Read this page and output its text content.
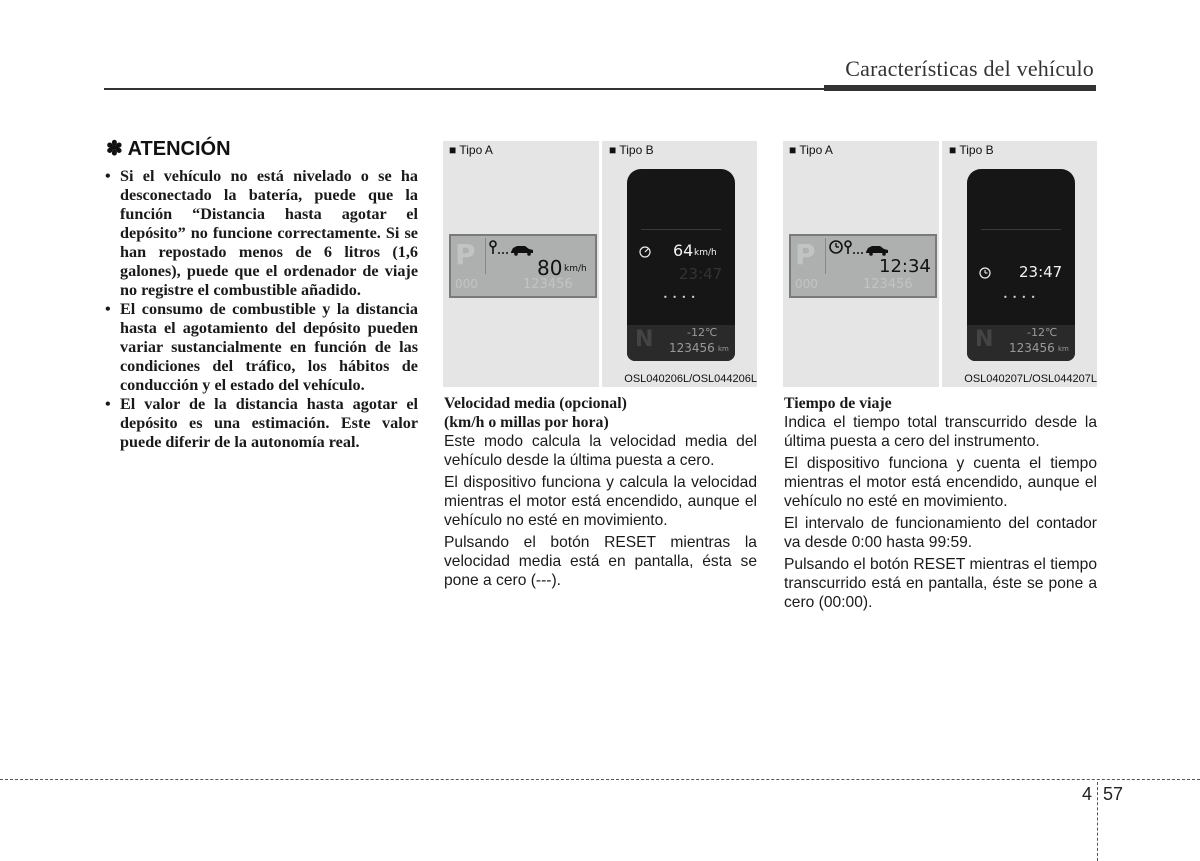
Características del vehículo
✽ ATENCIÓN
• Si el vehículo no está nivelado o se ha desconectado la batería, puede que la función “Distancia hasta agotar el depósito” no funcione correctamente. Si se han repostado menos de 6 litros (1,6 galones), puede que el ordenador de viaje no registre el combustible añadido.
• El consumo de combustible y la distancia hasta el agotamiento del depósito pueden variar sustancialmente en función de las condiciones del tráfico, los hábitos de conducción y el estado del vehículo.
• El valor de la distancia hasta agotar el depósito es una estimación. Este valor puede diferir de la autonomía real.
■ Tipo A	■ Tipo B
P
000	123456
80 km/h
64 km/h
23:47
• • • •
N	-12℃
123456 km
OSL040206L/OSL044206L
■ Tipo A	■ Tipo B
P
000	123456
12:34	23:47
• • • •
N	-12℃
123456 km
OSL040207L/OSL044207L
Velocidad media (opcional)
(km/h o millas por hora)

Este modo calcula la velocidad media del vehículo desde la última puesta a cero.

El dispositivo funciona y calcula la velocidad mientras el motor está encendido, aunque el vehículo no esté en movimiento.

Pulsando el botón RESET mientras la velocidad media está en pantalla, ésta se pone a cero (---).

Tiempo de viaje

Indica el tiempo total transcurrido desde la última puesta a cero del instrumento.

El dispositivo funciona y cuenta el tiempo mientras el motor está encendido, aunque el vehículo no esté en movimiento.

El intervalo de funcionamiento del contador va desde 0:00 hasta 99:59.

Pulsando el botón RESET mientras el tiempo transcurrido está en pantalla, éste se pone a cero (00:00).

4 57
